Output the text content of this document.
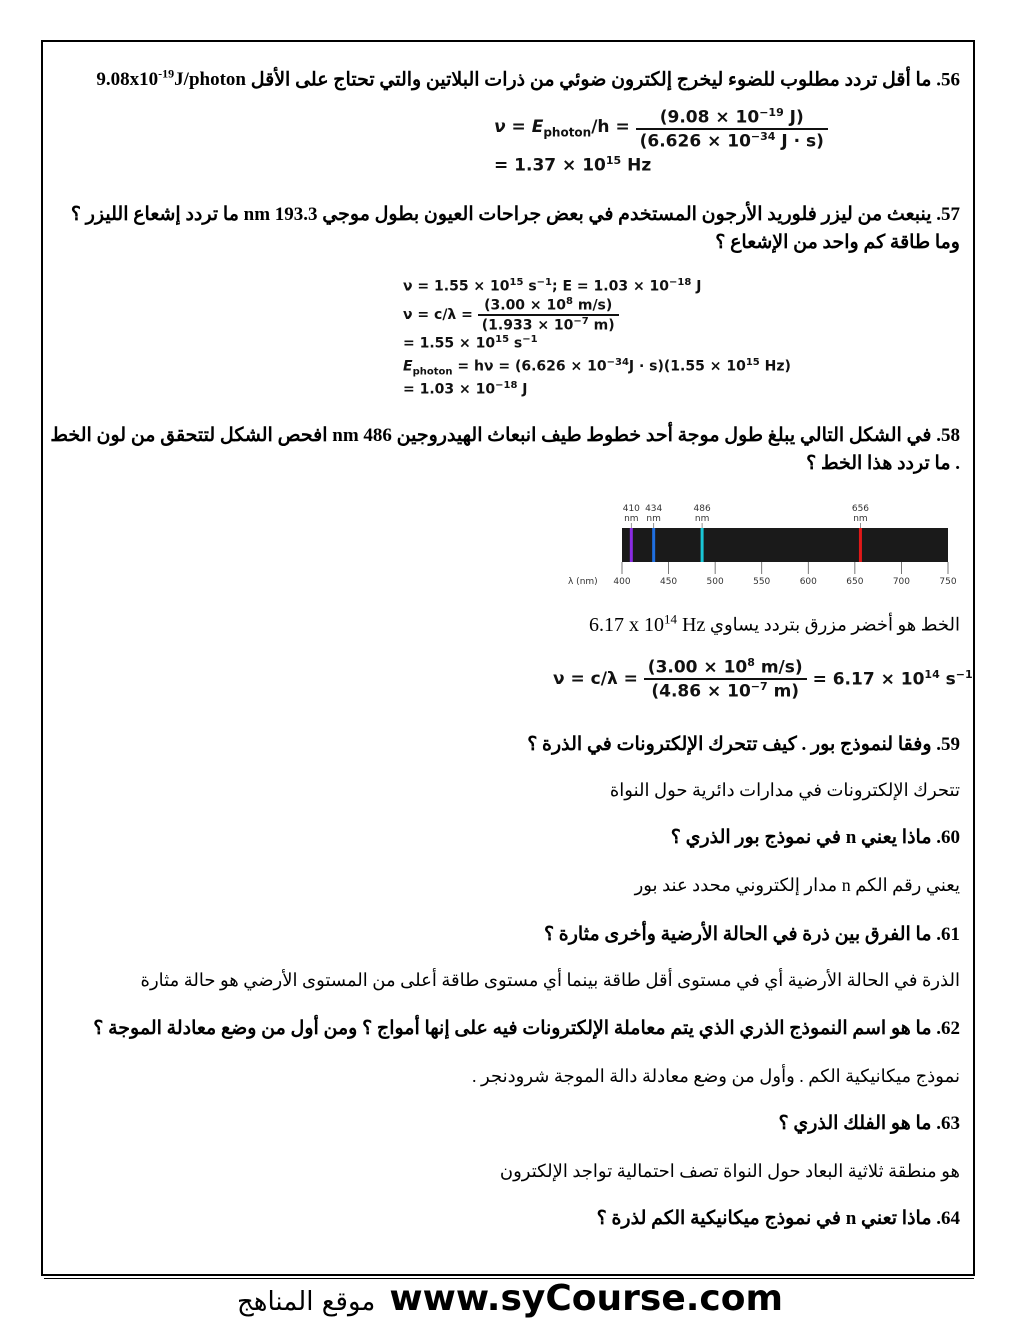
56. ما أقل تردد مطلوب للضوء ليخرج إلكترون ضوئي من ذرات البلاتين والتي تحتاج على الأقل $9.08x10^{-19}J$/photon
$\nu = E_{photon}/h = \frac{(9.08 \times 10^{-19} J)}{(6.626 \times 10^{-34} J \cdot s)}$
= $1.37 \times 10^{15}$ Hz
57. ينبعث من ليزر فلوريد الأرجون المستخدم في بعض جراحات العيون بطول موجي 193.3 nm ما تردد إشعاع الليزر ؟
وما طاقة كم واحد من الإشعاع ؟
$\nu = 1.55 \times 10^{15}$ $s^{-1}$; $E = 1.03 \times 10^{-18}$ J
$\nu = c/\lambda = \frac{(3.00 \times 10^8 m/s)}{(1.933 \times 10^{-7} m)}$
= $1.55 \times 10^{15}$ $s^{-1}$
$E_{photon} = h\nu = (6.626 \times 10^{-34}J \cdot s)(1.55 \times 10^{15}$ Hz)
= $1.03 \times 10^{-18}$ J
58. في الشكل التالي يبلغ طول موجة أحد خطوط طيف انبعاث الهيدروجين 486 nm افحص الشكل لتتحقق من لون الخط
. ما تردد هذا الخط ؟
410
nm
434
nm
486
nm
656
nm
λ (nm) 400	450	500	550	600	650	700	750
الخط هو أخضر مزرق بتردد يساوي 6.17 x $10^{14}$ Hz
$\nu = c/\lambda = \frac{(3.00 \times 10^8 m/s)}{(4.86 \times 10^{-7} m)} = 6.17 \times 10^{14}$ $s^{-1}$
59. وفقا لنموذج بور . كيف تتحرك الإلكترونات في الذرة ؟
تتحرك الإلكترونات في مدارات دائرية حول النواة
60. ماذا يعني n في نموذج بور الذري ؟
يعني رقم الكم n مدار إلكتروني محدد عند بور
61. ما الفرق بين ذرة في الحالة الأرضية وأخرى مثارة ؟
الذرة في الحالة الأرضية أي في مستوى أقل طاقة بينما أي مستوى طاقة أعلى من المستوى الأرضي هو حالة مثارة
62. ما هو اسم النموذج الذري الذي يتم معاملة الإلكترونات فيه على إنها أمواج ؟ ومن أول من وضع معادلة الموجة ؟
نموذج ميكانيكية الكم . وأول من وضع معادلة دالة الموجة شرودنجر .
63. ما هو الفلك الذري ؟
هو منطقة ثلاثية البعاد حول النواة تصف احتمالية تواجد الإلكترون
64. ماذا تعني n في نموذج ميكانيكية الكم لذرة ؟
موقع المناهج www.syCourse.com
